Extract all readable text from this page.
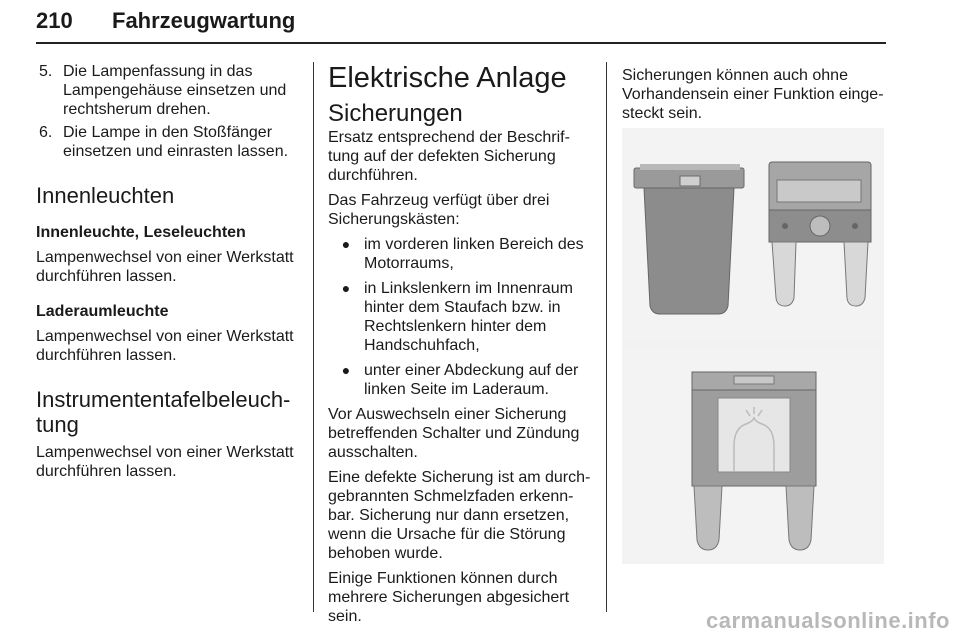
210 Fahrzeugwartung
5. Die Lampenfassung in das Lampengehäuse einsetzen und rechtsherum drehen.
6. Die Lampe in den Stoßfänger einsetzen und einrasten lassen.
Innenleuchten
Innenleuchte, Leseleuchten

Lampenwechsel von einer Werkstatt durchführen lassen.

Laderaumleuchte

Lampenwechsel von einer Werkstatt durchführen lassen.

Instrumententafelbeleuch-
tung

Lampenwechsel von einer Werkstatt durchführen lassen.

Elektrische Anlage
Sicherungen

Ersatz entsprechend der Beschriftung auf der defekten Sicherung durchführen.

Das Fahrzeug verfügt über drei Sicherungskästen:

● im vorderen linken Bereich des Motorraums,
● in Linkslenkern im Innenraum hinter dem Staufach bzw. in Rechtslenkern hinter dem Handschuhfach,
● unter einer Abdeckung auf der linken Seite im Laderaum.

Vor Auswechseln einer Sicherung betreffenden Schalter und Zündung ausschalten.

Eine defekte Sicherung ist am durchgebrannten Schmelzfaden erkennbar. Sicherung nur dann ersetzen, wenn die Ursache für die Störung behoben wurde.

Einige Funktionen können durch mehrere Sicherungen abgesichert sein.

Sicherungen können auch ohne Vorhandensein einer Funktion eingesteckt sein.

carmanualsonline.info
